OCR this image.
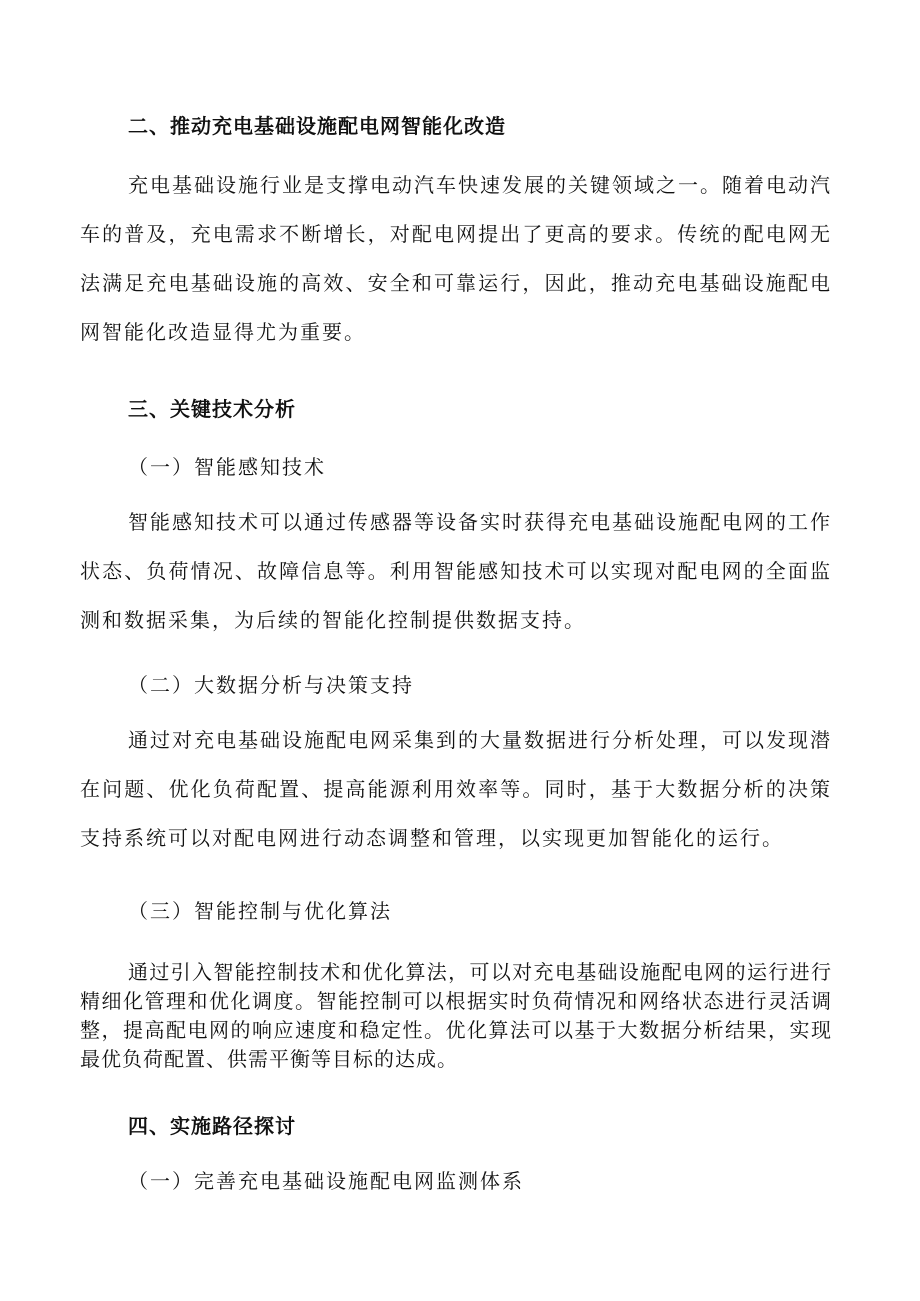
二、推动充电基础设施配电网智能化改造

充电基础设施行业是支撑电动汽车快速发展的关键领域之一。随着电动汽车的普及，充电需求不断增长，对配电网提出了更高的要求。传统的配电网无法满足充电基础设施的高效、安全和可靠运行，因此，推动充电基础设施配电网智能化改造显得尤为重要。

三、关键技术分析
（一）智能感知技术

智能感知技术可以通过传感器等设备实时获得充电基础设施配电网的工作状态、负荷情况、故障信息等。利用智能感知技术可以实现对配电网的全面监测和数据采集，为后续的智能化控制提供数据支持。

（二）大数据分析与决策支持

通过对充电基础设施配电网采集到的大量数据进行分析处理，可以发现潜在问题、优化负荷配置、提高能源利用效率等。同时，基于大数据分析的决策支持系统可以对配电网进行动态调整和管理，以实现更加智能化的运行。

（三）智能控制与优化算法

通过引入智能控制技术和优化算法，可以对充电基础设施配电网的运行进行精细化管理和优化调度。智能控制可以根据实时负荷情况和网络状态进行灵活调整，提高配电网的响应速度和稳定性。优化算法可以基于大数据分析结果，实现最优负荷配置、供需平衡等目标的达成。

四、实施路径探讨
（一）完善充电基础设施配电网监测体系
